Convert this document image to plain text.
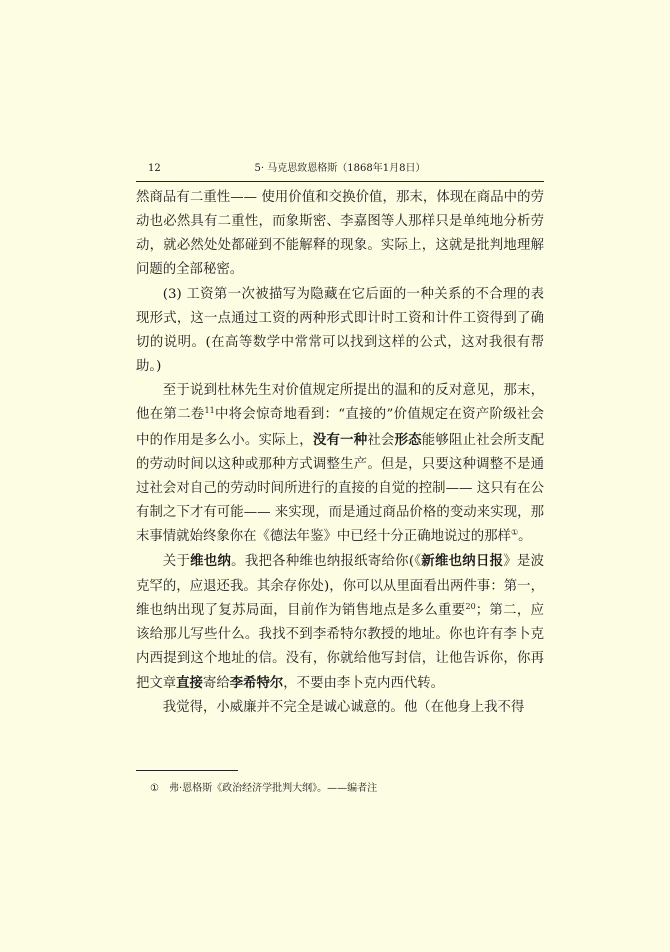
12	5· 马克思致恩格斯（1868年1月8日）

然商品有二重性—— 使用价值和交换价值，那末，体现在商品中的劳动也必然具有二重性，而象斯密、李嘉图等人那样只是单纯地分析劳动，就必然处处都碰到不能解释的现象。实际上，这就是批判地理解问题的全部秘密。

(3) 工资第一次被描写为隐藏在它后面的一种关系的不合理的表现形式，这一点通过工资的两种形式即计时工资和计件工资得到了确切的说明。(在高等数学中常常可以找到这样的公式，这对我很有帮助。)

至于说到杜林先生对价值规定所提出的温和的反对意见，那末，他在第二卷$^{11}$中将会惊奇地看到：“直接的”价值规定在资产阶级社会中的作用是多么小。实际上，没有一种社会形态能够阻止社会所支配的劳动时间以这种或那种方式调整生产。但是，只要这种调整不是通过社会对自己的劳动时间所进行的直接的自觉的控制—— 这只有在公有制之下才有可能—— 来实现，而是通过商品价格的变动来实现，那末事情就始终象你在《德法年鉴》中已经十分正确地说过的那样①。

关于维也纳。我把各种维也纳报纸寄给你(《新维也纳日报》是波克罕的，应退还我。其余存你处)，你可以从里面看出两件事：第一，维也纳出现了复苏局面，目前作为销售地点是多么重要$^{20}$；第二，应该给那儿写些什么。我找不到李希特尔教授的地址。你也许有李卜克内西提到这个地址的信。没有，你就给他写封信，让他告诉你，你再把文章直接寄给李希特尔，不要由李卜克内西代转。

我觉得，小威廉并不完全是诚心诚意的。他（在他身上我不得

① 弗·恩格斯《政治经济学批判大纲》。——编者注
